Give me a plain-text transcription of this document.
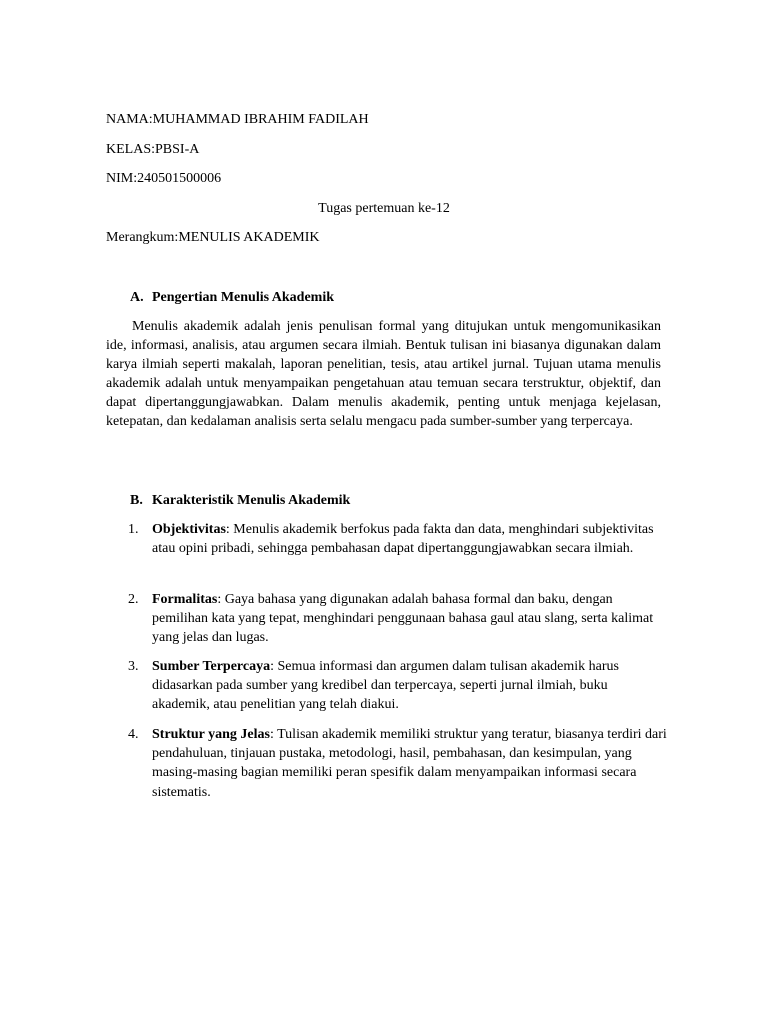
NAMA:MUHAMMAD IBRAHIM FADILAH
KELAS:PBSI-A
NIM:240501500006
Tugas pertemuan ke-12
Merangkum:MENULIS AKADEMIK
A. Pengertian Menulis Akademik

Menulis akademik adalah jenis penulisan formal yang ditujukan untuk mengomunikasikan ide, informasi, analisis, atau argumen secara ilmiah. Bentuk tulisan ini biasanya digunakan dalam karya ilmiah seperti makalah, laporan penelitian, tesis, atau artikel jurnal. Tujuan utama menulis akademik adalah untuk menyampaikan pengetahuan atau temuan secara terstruktur, objektif, dan dapat dipertanggungjawabkan. Dalam menulis akademik, penting untuk menjaga kejelasan, ketepatan, dan kedalaman analisis serta selalu mengacu pada sumber-sumber yang terpercaya.

B. Karakteristik Menulis Akademik
1. Objektivitas: Menulis akademik berfokus pada fakta dan data, menghindari subjektivitas atau opini pribadi, sehingga pembahasan dapat dipertanggungjawabkan secara ilmiah.
2. Formalitas: Gaya bahasa yang digunakan adalah bahasa formal dan baku, dengan pemilihan kata yang tepat, menghindari penggunaan bahasa gaul atau slang, serta kalimat yang jelas dan lugas.
3. Sumber Terpercaya: Semua informasi dan argumen dalam tulisan akademik harus didasarkan pada sumber yang kredibel dan terpercaya, seperti jurnal ilmiah, buku akademik, atau penelitian yang telah diakui.
4. Struktur yang Jelas: Tulisan akademik memiliki struktur yang teratur, biasanya terdiri dari pendahuluan, tinjauan pustaka, metodologi, hasil, pembahasan, dan kesimpulan, yang masing-masing bagian memiliki peran spesifik dalam menyampaikan informasi secara sistematis.
